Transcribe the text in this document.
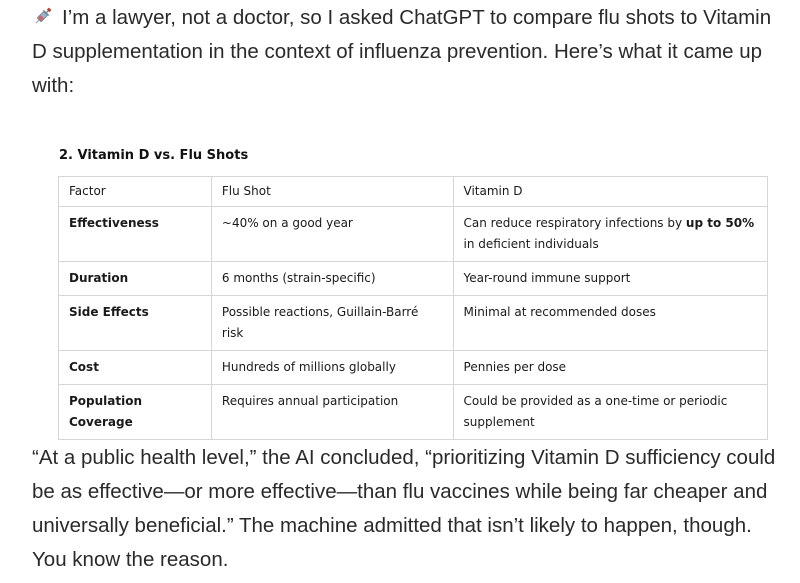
I’m a lawyer, not a doctor, so I asked ChatGPT to compare flu shots to Vitamin D supplementation in the context of influenza prevention. Here’s what it came up with:

2. Vitamin D vs. Flu Shots
Factor	Flu Shot	Vitamin D
Effectiveness	~40% on a good year	Can reduce respiratory infections by up to 50% in deficient individuals
Duration	6 months (strain-specific)	Year-round immune support
Side Effects	Possible reactions, Guillain-Barré risk	Minimal at recommended doses
Cost	Hundreds of millions globally	Pennies per dose
Population Coverage	Requires annual participation	Could be provided as a one-time or periodic supplement

“At a public health level,” the AI concluded, “prioritizing Vitamin D sufficiency could be as effective—or more effective—than flu vaccines while being far cheaper and universally beneficial.” The machine admitted that isn’t likely to happen, though. You know the reason.
